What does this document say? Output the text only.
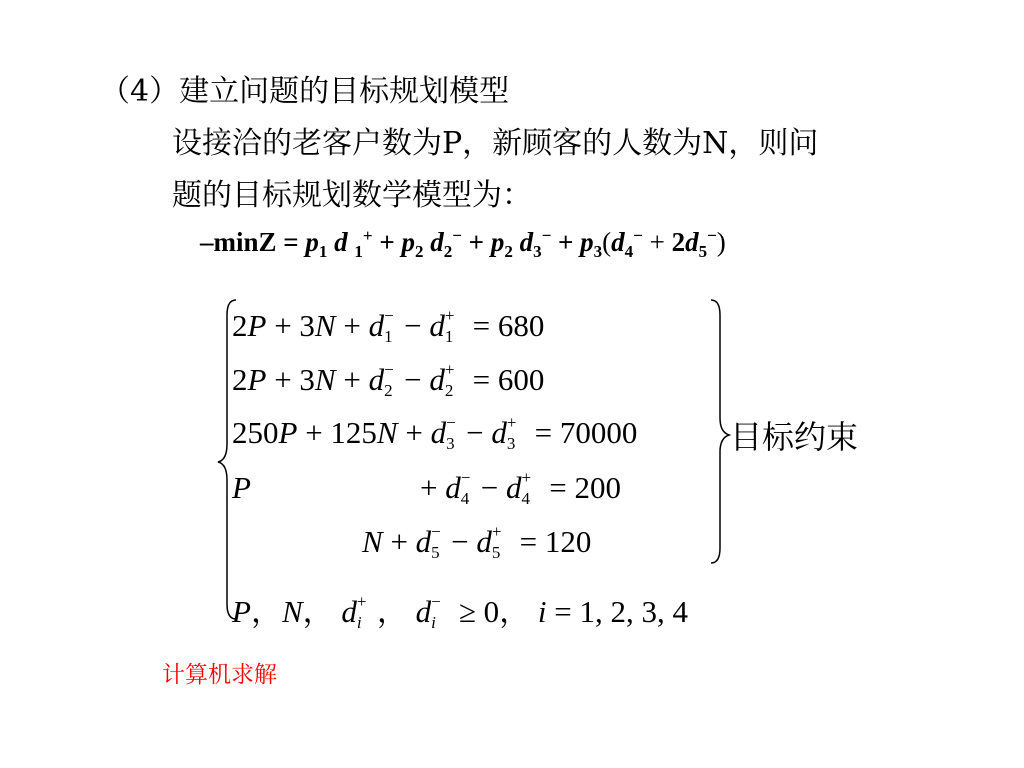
（4）建立问题的目标规划模型
设接洽的老客户数为P，新顾客的人数为N，则问
题的目标规划数学模型为：
$-\min Z = p_1$ d $_1^+ + p_2$ $d_2^- + p_2$ $d_3^- + p_3(d_4^- + 2d_5^-)$
2P + 3N + d −
1 − d +
1 = 680
2P + 3N + d −
2 − d +
2 = 600
250P + 125N + d −
3 − d +
3 = 70000
P	+ d −
4 − d +
4 = 200
N + d −
5 − d +
5 = 120
P，N， d +
i ， d −
i ≥ 0， i = 1, 2, 3, 4
目标约束
计算机求解
